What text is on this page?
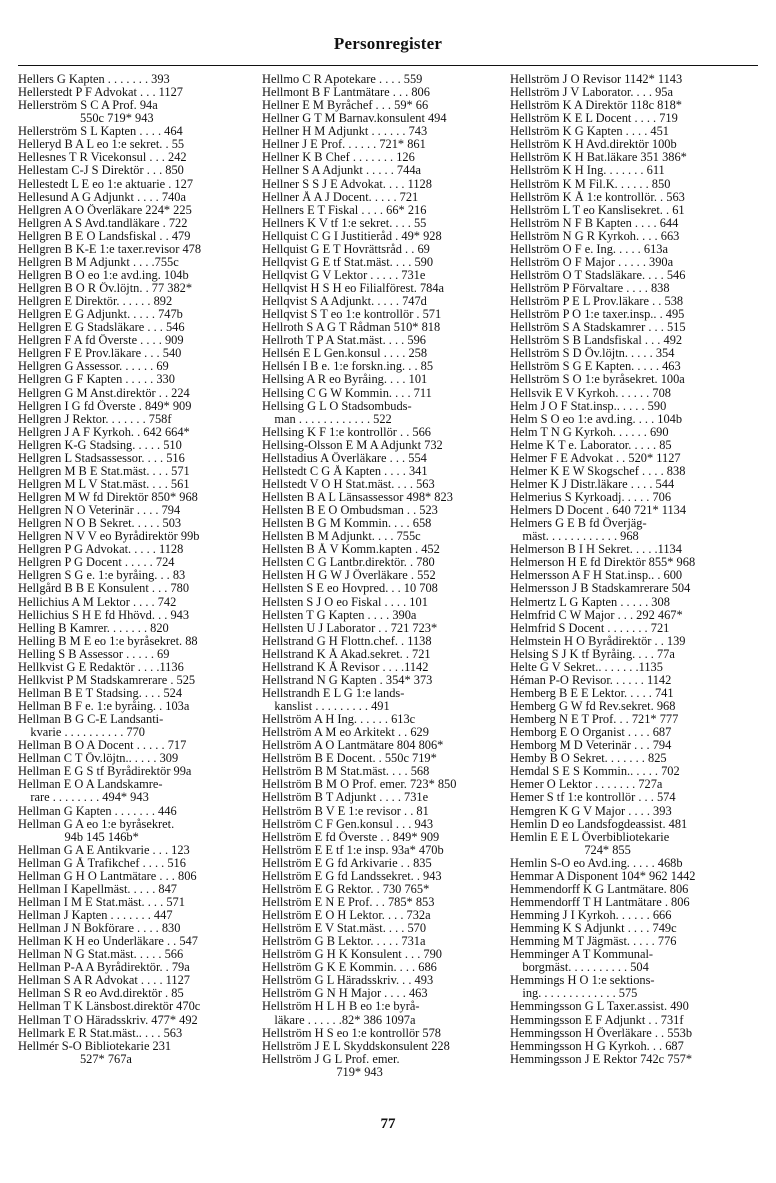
Personregister
Hellers G Kapten . . . . . . . 393
Hellerstedt P F Advokat . . . 1127
Hellerström S C A Prof. 94a
550c 719* 943
Hellerström S L Kapten . . . . 464
Helleryd B A L eo 1:e sekret. . 55
Hellesnes T R Vicekonsul . . . 242
Hellestam C-J S Direktör . . . 850
Hellestedt L E eo 1:e aktuarie . 127
Hellesund A G Adjunkt . . . . 740a
Hellgren A O Överläkare 224* 225
Hellgren A S Avd.tandläkare . 722
Hellgren B E O Landsfiskal . . 479
Hellgren B K-E 1:e taxer.revisor 478
Hellgren B M Adjunkt . . . .755c
Hellgren B O eo 1:e avd.ing. 104b
Hellgren B O R Öv.löjtn. . 77 382*
Hellgren E Direktör. . . . . . 892
Hellgren E G Adjunkt. . . . . 747b
Hellgren E G Stadsläkare . . . 546
Hellgren F A fd Överste . . . . 909
Hellgren F E Prov.läkare . . . 540
Hellgren G Assessor. . . . . . 69
Hellgren G F Kapten . . . . . 330
Hellgren G M Anst.direktör . . 224
Hellgren I G fd Överste . 849* 909
Hellgren J Rektor. . . . . . . 758f
Hellgren J A F Kyrkoh. . 642 664*
Hellgren K-G Stadsing. . . . . 510
Hellgren L Stadsassessor. . . . 516
Hellgren M B E Stat.mäst. . . . 571
Hellgren M L V Stat.mäst. . . . 561
Hellgren M W fd Direktör 850* 968
Hellgren N O Veterinär . . . . 794
Hellgren N O B Sekret. . . . . 503
Hellgren N V V eo Byrådirektör 99b
Hellgren P G Advokat. . . . . 1128
Hellgren P G Docent . . . . . 724
Hellgren S G e. 1:e byråing. . . 83
Hellgård B B E Konsulent . . . 780
Hellichius A M Lektor . . . . 742
Hellichius S H E fd Hhövd. . . 943
Helling B Kamrer. . . . . . . 820
Helling B M E eo 1:e byråsekret. 88
Helling S B Assessor . . . . . 69
Hellkvist G E Redaktör . . . .1136
Hellkvist P M Stadskamrerare . 525
Hellman B E T Stadsing. . . . 524
Hellman B F e. 1:e byråing. . 103a
Hellman B G C-E Landsanti-
kvarie . . . . . . . . . . 770
Hellman B O A Docent . . . . . 717
Hellman C T Öv.löjtn.. . . . . 309
Hellman E G S tf Byrådirektör 99a
Hellman E O A Landskamre-
rare . . . . . . . . 494* 943
Hellman G Kapten . . . . . . . 446
Hellman G A eo 1:e byråsekret.
94b 145 146b*
Hellman G A E Antikvarie . . . 123
Hellman G Å Trafikchef . . . . 516
Hellman G H O Lantmätare . . . 806
Hellman I Kapellmäst. . . . . 847
Hellman I M E Stat.mäst. . . . 571
Hellman J Kapten . . . . . . . 447
Hellman J N Bokförare . . . . 830
Hellman K H eo Underläkare . . 547
Hellman N G Stat.mäst. . . . . 566
Hellman P-A A Byrådirektör. . 79a
Hellman S A R Advokat . . . . 1127
Hellman S R eo Avd.direktör . 85
Hellman T K Länsbost.direktör 470c
Hellman T O Häradsskriv. 477* 492
Hellmark E R Stat.mäst.. . . . 563
Hellmér S-O Bibliotekarie 231
527* 767a
Hellmo C R Apotekare . . . . 559
Hellmont B F Lantmätare . . . 806
Hellner E M Byråchef . . . 59* 66
Hellner G T M Barnav.konsulent 494
Hellner H M Adjunkt . . . . . . 743
Hellner J E Prof. . . . . . 721* 861
Hellner K B Chef . . . . . . . 126
Hellner S A Adjunkt . . . . . 744a
Hellner S S J E Advokat. . . . 1128
Hellner Å A J Docent. . . . . 721
Hellners E T Fiskal . . . . 66* 216
Hellners K V tf 1:e sekret. . . . 55
Hellquist C G I Justitieråd . 49* 928
Hellquist G E T Hovrättsråd . . 69
Hellqvist G E tf Stat.mäst. . . . 590
Hellqvist G V Lektor . . . . . 731e
Hellqvist H S H eo Filialförest. 784a
Hellqvist S A Adjunkt. . . . . 747d
Hellqvist S T eo 1:e kontrollör . 571
Hellroth S A G T Rådman 510* 818
Hellroth T P A Stat.mäst. . . . 596
Hellsén E L Gen.konsul . . . . 258
Hellsén I B e. 1:e forskn.ing. . . 85
Hellsing A R eo Byråing. . . . 101
Hellsing C G W Kommin. . . . 711
Hellsing G L O Stadsombuds-
man . . . . . . . . . . . . 522
Hellsing K F 1:e kontrollör . . 566
Hellsing-Olsson E M A Adjunkt 732
Hellstadius A Överläkare . . . 554
Hellstedt C G Å Kapten . . . . 341
Hellstedt V O H Stat.mäst. . . . 563
Hellsten B A L Länsassessor 498* 823
Hellsten B E O Ombudsman . . 523
Hellsten B G M Kommin. . . . 658
Hellsten B M Adjunkt. . . . 755c
Hellsten B Å V Komm.kapten . 452
Hellsten C G Lantbr.direktör. . 780
Hellsten H G W J Överläkare . 552
Hellsten S E eo Hovpred. . . 10 708
Hellsten S J O eo Fiskal . . . . 101
Hellsten T G Kapten . . . . 390a
Hellsten U J Laborator . . 721 723*
Hellstrand G H Flottn.chef. . 1138
Hellstrand K Å Akad.sekret. . 721
Hellstrand K Å Revisor . . . .1142
Hellstrand N G Kapten . 354* 373
Hellstrandh E L G 1:e lands-
kanslist . . . . . . . . . 491
Hellström A H Ing. . . . . . 613c
Hellström A M eo Arkitekt . . 629
Hellström A O Lantmätare 804 806*
Hellström B E Docent. . 550c 719*
Hellström B M Stat.mäst. . . . 568
Hellström B M O Prof. emer. 723* 850
Hellström B T Adjunkt . . . . 731e
Hellström B V E 1:e revisor . . 81
Hellström C F Gen.konsul . . . 943
Hellström E fd Överste . . 849* 909
Hellström E E tf 1:e insp. 93a* 470b
Hellström E G fd Arkivarie . . 835
Hellström E G fd Landssekret. . 943
Hellström E G Rektor. . 730 765*
Hellström E N E Prof. . . 785* 853
Hellström E O H Lektor. . . . 732a
Hellström E V Stat.mäst. . . . 570
Hellström G B Lektor. . . . . 731a
Hellström G H K Konsulent . . . 790
Hellström G K E Kommin. . . . 686
Hellström G L Häradsskriv. . . 493
Hellström G N H Major . . . . 463
Hellström H L H B eo 1:e byrå-
läkare . . . . . .82* 386 1097a
Hellström H S eo 1:e kontrollör 578
Hellström J E L Skyddskonsulent 228
Hellström J G L Prof. emer.
719* 943
Hellström J O Revisor 1142* 1143
Hellström J V Laborator. . . . 95a
Hellström K A Direktör 118c 818*
Hellström K E L Docent . . . . 719
Hellström K G Kapten . . . . 451
Hellström K H Avd.direktör 100b
Hellström K H Bat.läkare 351 386*
Hellström K H Ing. . . . . . . 611
Hellström K M Fil.K. . . . . . 850
Hellström K Å 1:e kontrollör. . 563
Hellström L T eo Kanslisekret. . 61
Hellström N F B Kapten . . . . 644
Hellström N G R Kyrkoh. . . . 663
Hellström O F e. Ing. . . . . 613a
Hellström O F Major . . . . . 390a
Hellström O T Stadsläkare. . . . 546
Hellström P Förvaltare . . . . 838
Hellström P E L Prov.läkare . . 538
Hellström P O 1:e taxer.insp.. . 495
Hellström S A Stadskamrer . . . 515
Hellström S B Landsfiskal . . . 492
Hellström S D Öv.löjtn. . . . . 354
Hellström S G E Kapten. . . . . 463
Hellström S O 1:e byråsekret. 100a
Hellsvik E V Kyrkoh. . . . . . 708
Helm J O F Stat.insp.. . . . . 590
Helm S O eo 1:e avd.ing. . . . 104b
Helm T N G Kyrkoh. . . . . . 690
Helme K T e. Laborator. . . . . 85
Helmer F E Advokat . . 520* 1127
Helmer K E W Skogschef . . . . 838
Helmer K J Distr.läkare . . . . 544
Helmerius S Kyrkoadj. . . . . 706
Helmers D Docent . 640 721* 1134
Helmers G E B fd Överjäg-
mäst. . . . . . . . . . . . 968
Helmerson B I H Sekret. . . . .1134
Helmerson H E fd Direktör 855* 968
Helmersson A F H Stat.insp.. . 600
Helmersson J B Stadskamrerare 504
Helmertz L G Kapten . . . . . 308
Helmfrid C W Major . . . 292 467*
Helmfrid S Docent . . . . . . . 721
Helmstein H O Byrådirektör . . 139
Helsing S J K tf Byråing. . . . 77a
Helte G V Sekret.. . . . . . .1135
Héman P-O Revisor. . . . . . 1142
Hemberg B E E Lektor. . . . . 741
Hemberg G W fd Rev.sekret. 968
Hemberg N E T Prof. . . 721* 777
Hemborg E O Organist . . . . 687
Hemborg M D Veterinär . . . 794
Hemby B O Sekret. . . . . . . 825
Hemdal S E S Kommin.. . . . . 702
Hemer O Lektor . . . . . . . 727a
Hemer S tf 1:e kontrollör . . . 574
Hemgren K G V Major . . . . 393
Hemlin D eo Landsfogdeassist. 481
Hemlin E E L Överbibliotekarie
724* 855
Hemlin S-O eo Avd.ing. . . . . 468b
Hemmar A Disponent 104* 962 1442
Hemmendorff K G Lantmätare. 806
Hemmendorff T H Lantmätare . 806
Hemming J I Kyrkoh. . . . . . 666
Hemming K S Adjunkt . . . . 749c
Hemming M T Jägmäst. . . . . 776
Hemminger A T Kommunal-
borgmäst. . . . . . . . . . 504
Hemmings H O 1:e sektions-
ing. . . . . . . . . . . . . 575
Hemmingsson G L Taxer.assist. 490
Hemmingsson E F Adjunkt . . 731f
Hemmingsson H Överläkare . . 553b
Hemmingsson H G Kyrkoh. . . 687
Hemmingsson J E Rektor 742c 757*
77
